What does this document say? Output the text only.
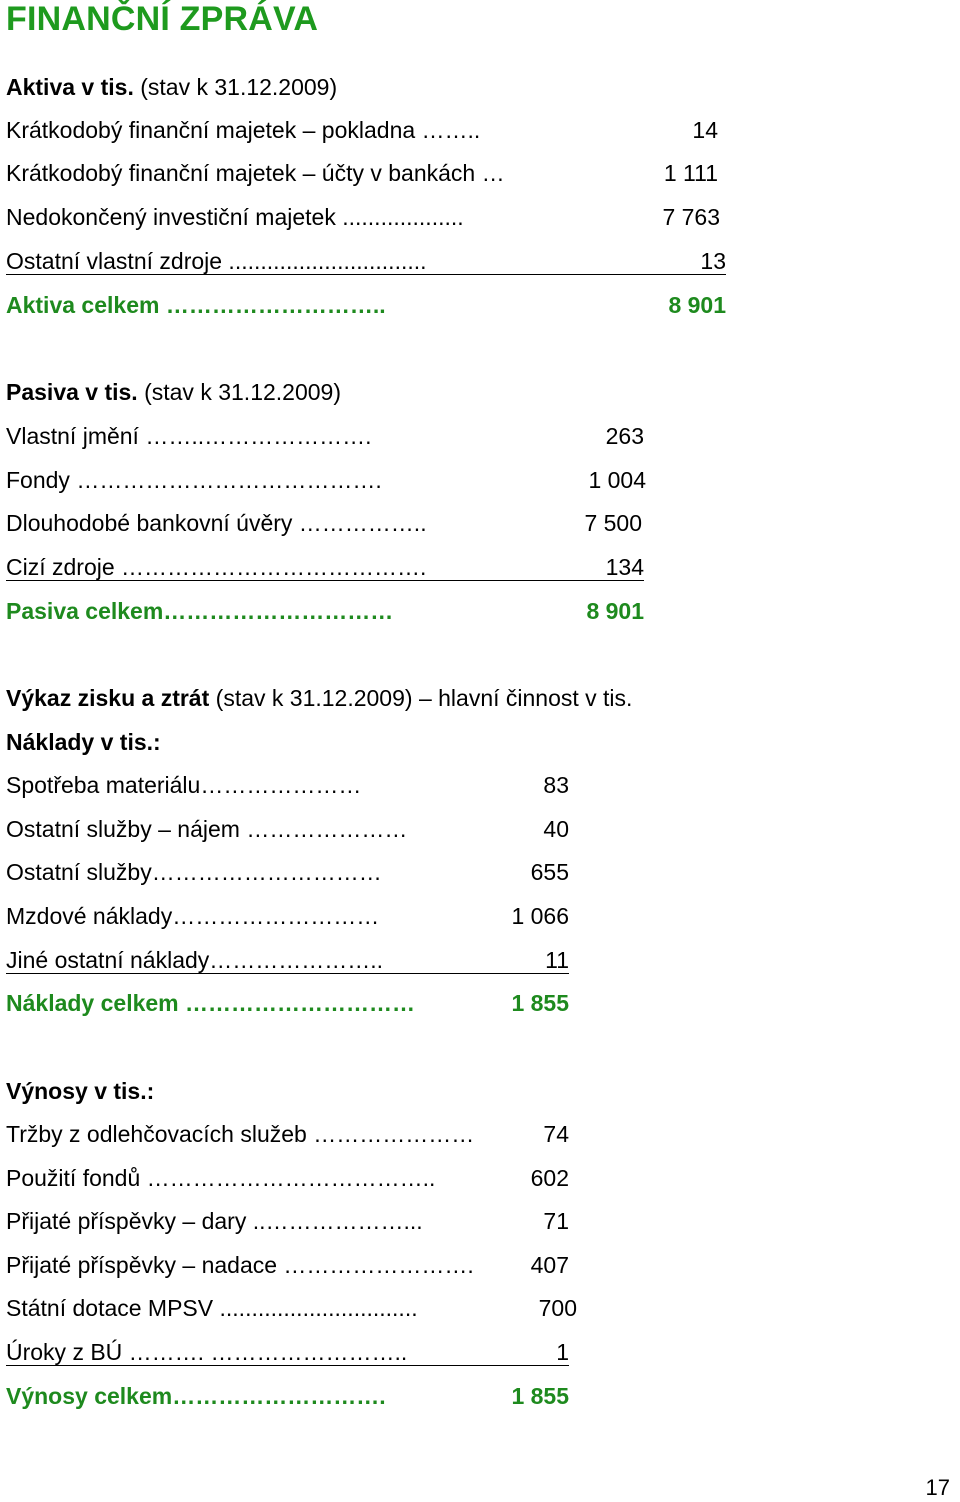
FINANČNÍ ZPRÁVA
Aktiva v tis. (stav k 31.12.2009)
Krátkodobý finanční majetek – pokladna ……..	14
Krátkodobý finanční majetek – účty v bankách …	1 111
Nedokončený investiční majetek ...................	7 763
Ostatní vlastní zdroje ...............................	13
Aktiva celkem ………………………..	8 901
Pasiva v tis. (stav k 31.12.2009)
Vlastní jmění ……..………………….	263
Fondy ………………………………….	1 004
Dlouhodobé bankovní úvěry ……………..	7 500
Cizí zdroje ………………………………….	134
Pasiva celkem…………………………	8 901
Výkaz zisku a ztrát (stav k 31.12.2009) – hlavní činnost v tis.
Náklady v tis.:
Spotřeba materiálu…………………	83
Ostatní služby – nájem …………………	40
Ostatní služby…………………………	655
Mzdové náklady………………………	1 066
Jiné ostatní náklady…………………..	11
Náklady celkem …………………………	1 855
Výnosy v tis.:
Tržby z odlehčovacích služeb …………………	74
Použití fondů ………………………………..	602
Přijaté příspěvky – dary ..………………...	71
Přijaté příspěvky – nadace ……………………. 407
Státní dotace MPSV ...............................	700
Úroky z BÚ ………. ……………………..	1
Výnosy celkem……………………….	1 855
17
